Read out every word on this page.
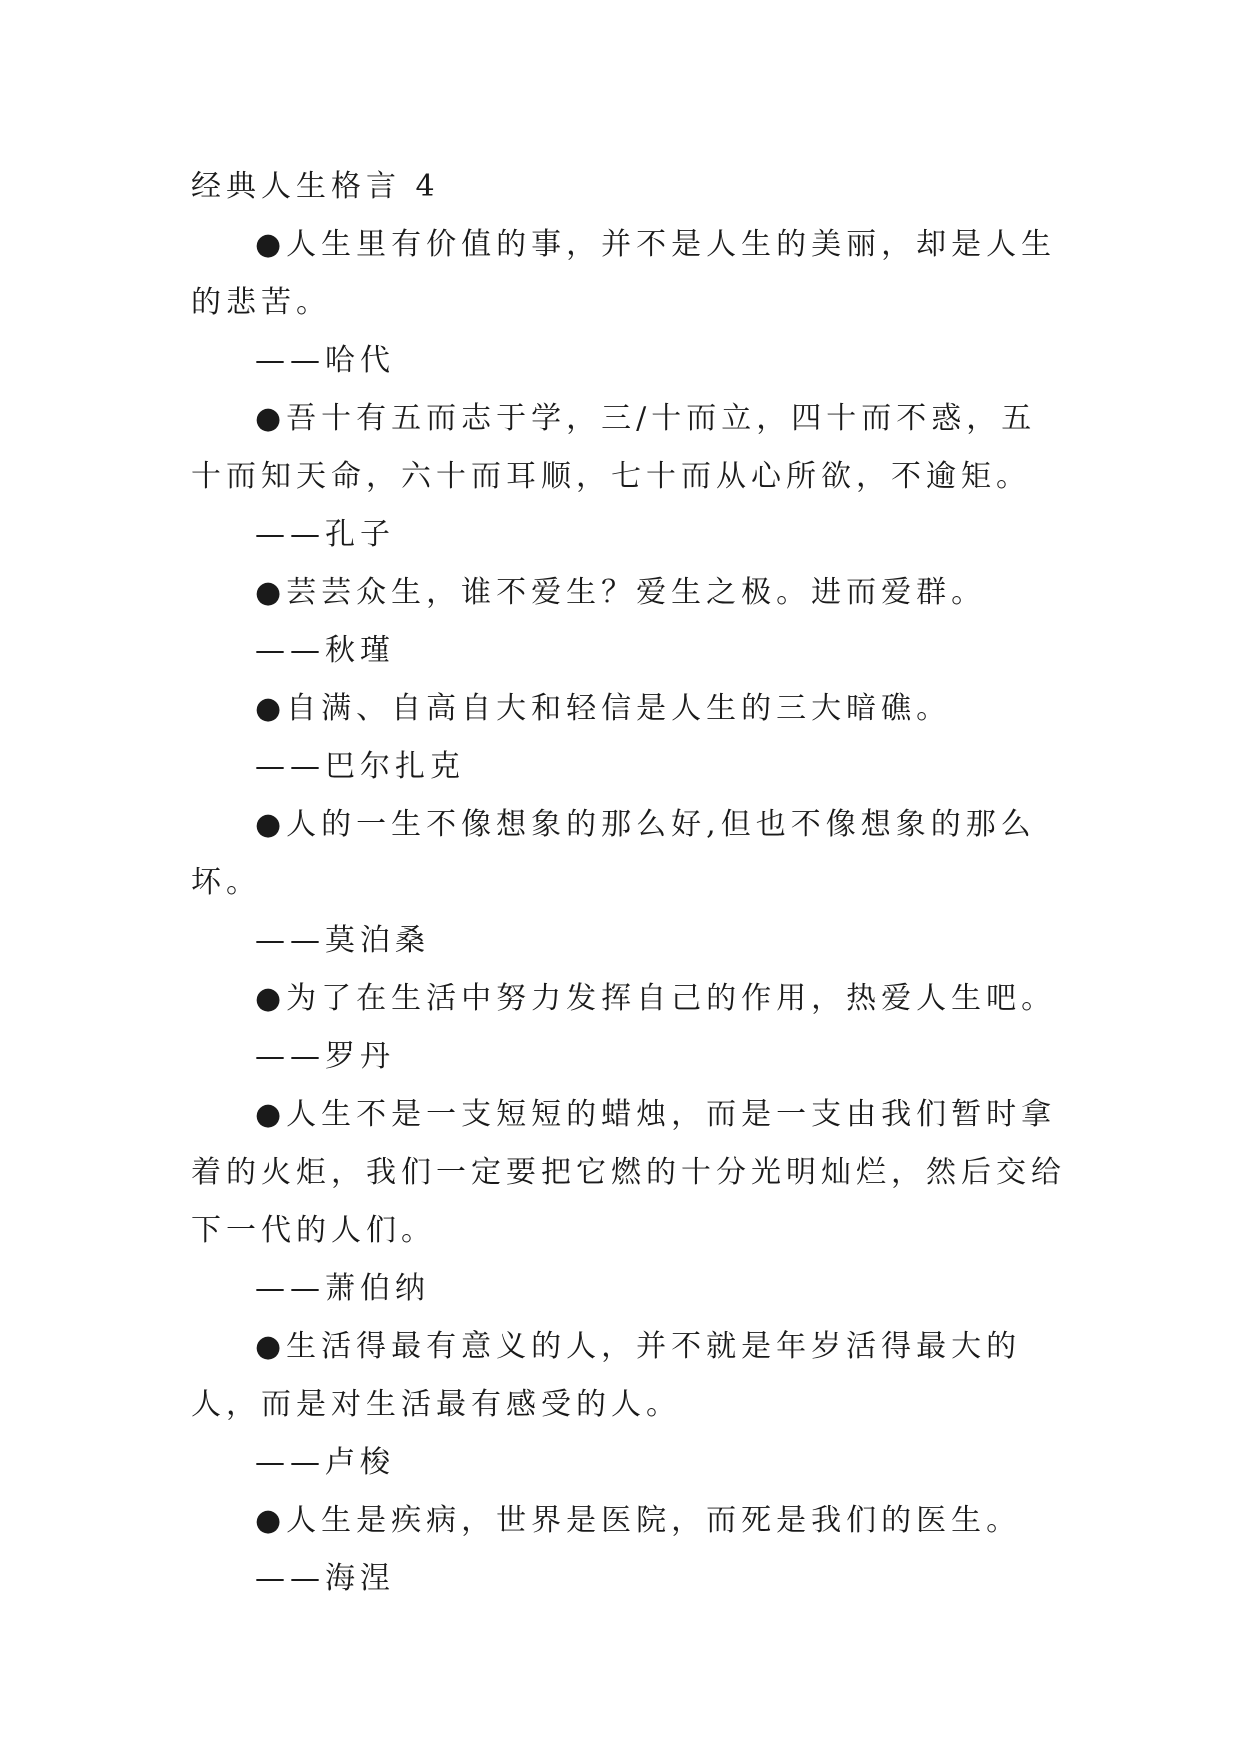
经典人生格言 4

●人生里有价值的事，并不是人生的美丽，却是人生的悲苦。

——哈代

●吾十有五而志于学，三/十而立，四十而不惑，五十而知天命，六十而耳顺，七十而从心所欲，不逾矩。

——孔子

●芸芸众生，谁不爱生？爱生之极。进而爱群。

——秋瑾

●自满、自高自大和轻信是人生的三大暗礁。

——巴尔扎克

●人的一生不像想象的那么好,但也不像想象的那么坏。

——莫泊桑

●为了在生活中努力发挥自己的作用，热爱人生吧。

——罗丹

●人生不是一支短短的蜡烛，而是一支由我们暂时拿着的火炬，我们一定要把它燃的十分光明灿烂，然后交给下一代的人们。

——萧伯纳

●生活得最有意义的人，并不就是年岁活得最大的人，而是对生活最有感受的人。

——卢梭

●人生是疾病，世界是医院，而死是我们的医生。

——海涅
